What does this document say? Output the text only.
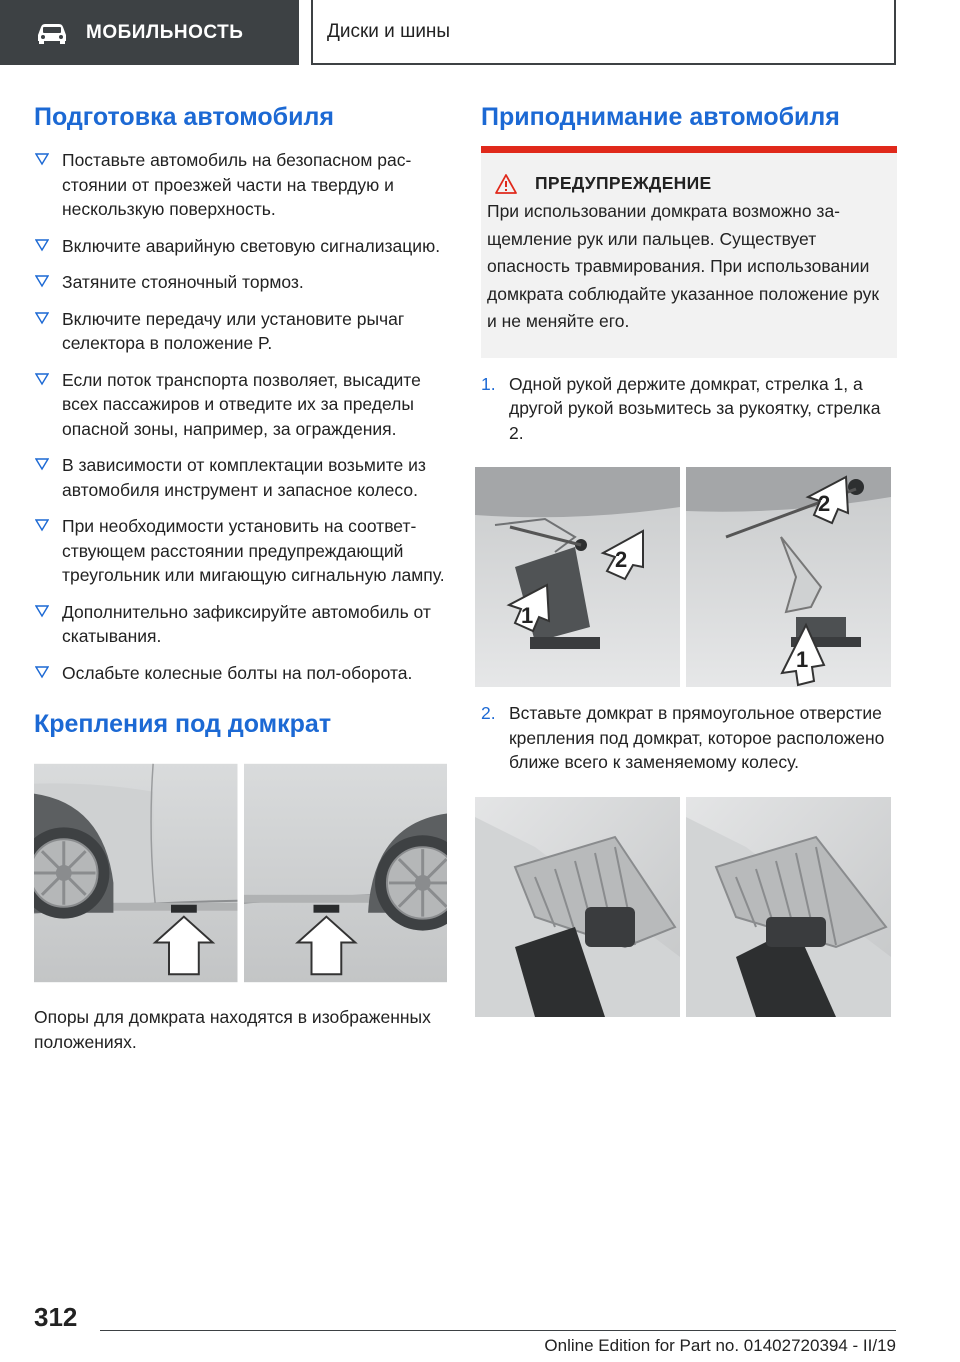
МОБИЛЬНОСТЬ	Диски и шины
Подготовка автомобиля
Поставьте автомобиль на безопасном расстоянии от проезжей части на твердую и нескользкую поверхность.
Включите аварийную световую сигнализацию.
Затяните стояночный тормоз.
Включите передачу или установите рычаг селектора в положение P.
Если поток транспорта позволяет, высадите всех пассажиров и отведите их за пределы опасной зоны, например, за ограждения.
В зависимости от комплектации возьмите из автомобиля инструмент и запасное колесо.
При необходимости установить на соответствующем расстоянии предупреждающий треугольник или мигающую сигнальную лампу.
Дополнительно зафиксируйте автомобиль от скатывания.
Ослабьте колесные болты на пол-оборота.
Крепления под домкрат

Опоры для домкрата находятся в изображенных положениях.

Приподнимание автомобиля
ПРЕДУПРЕЖДЕНИЕ

При использовании домкрата возможно защемление рук или пальцев. Существует опасность травмирования. При использовании домкрата соблюдайте указанное положение рук и не меняйте его.

1. Одной рукой держите домкрат, стрелка 1, а другой рукой возьмитесь за рукоятку, стрелка 2.
2
1
2
1
2. Вставьте домкрат в прямоугольное отверстие крепления под домкрат, которое расположено ближе всего к заменяемому колесу.
312
Online Edition for Part no. 01402720394 - II/19
